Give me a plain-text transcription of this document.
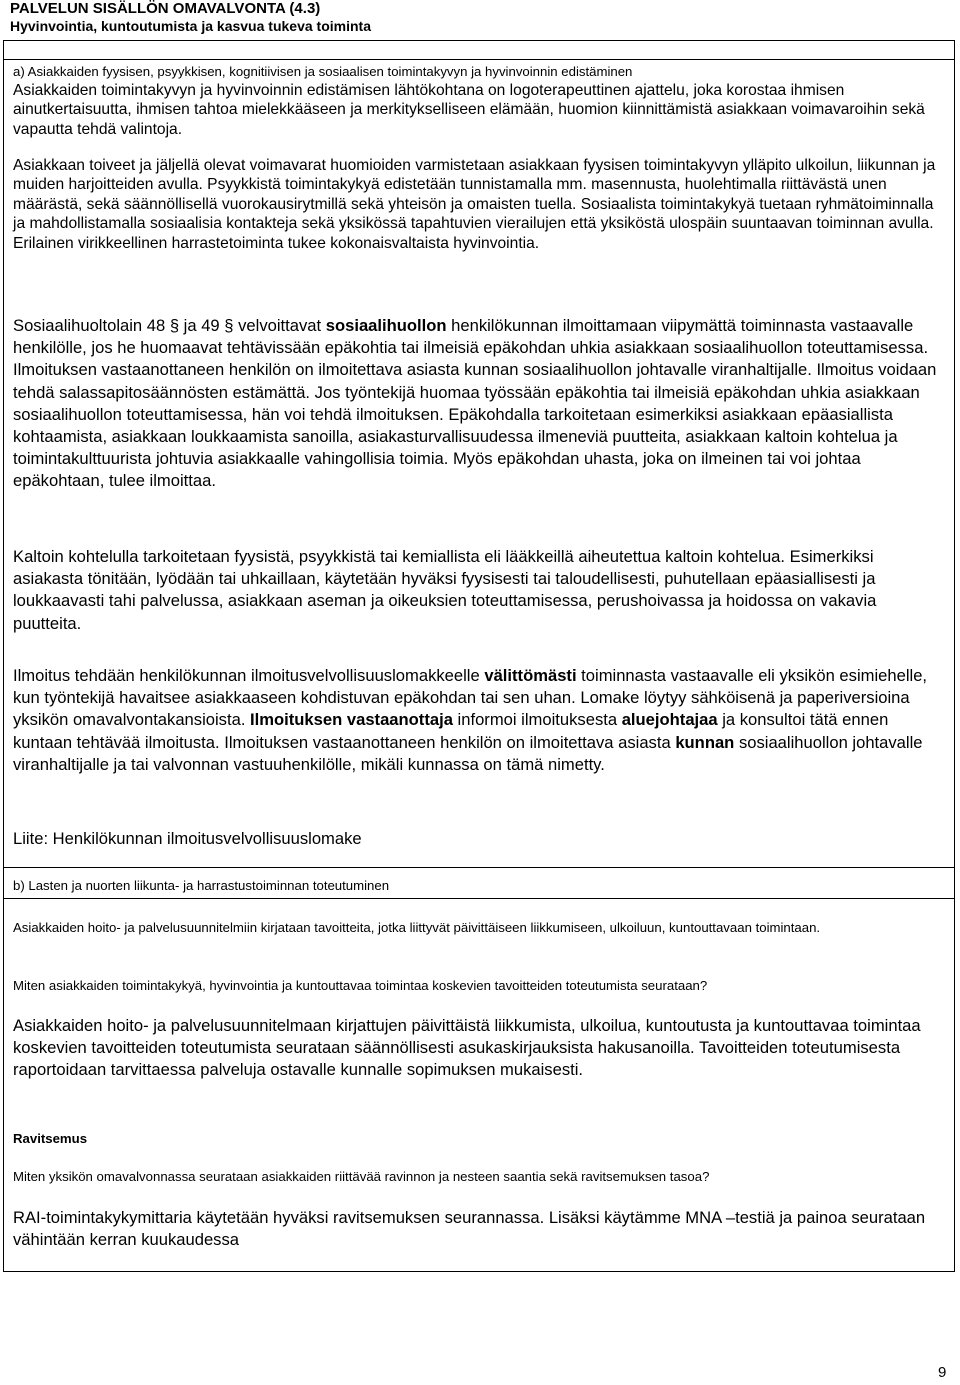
PALVELUN SISÄLLÖN OMAVALVONTA (4.3)
Hyvinvointia, kuntoutumista ja kasvua tukeva toiminta

a) Asiakkaiden fyysisen, psyykkisen, kognitiivisen ja sosiaalisen toimintakyvyn ja hyvinvoinnin edistäminen

Asiakkaiden toimintakyvyn ja hyvinvoinnin edistämisen lähtökohtana on logoterapeuttinen ajattelu, joka korostaa ihmisen ainutkertaisuutta, ihmisen tahtoa mielekkääseen ja merkitykselliseen elämään, huomion kiinnittämistä asiakkaan voimavaroihin sekä vapautta tehdä valintoja.

Asiakkaan toiveet ja jäljellä olevat voimavarat huomioiden varmistetaan asiakkaan fyysisen toimintakyvyn ylläpito ulkoilun, liikunnan ja muiden harjoitteiden avulla. Psyykkistä toimintakykyä edistetään tunnistamalla mm. masennusta, huolehtimalla riittävästä unen määrästä, sekä säännöllisellä vuorokausirytmillä sekä yhteisön ja omaisten tuella. Sosiaalista toimintakykyä tuetaan ryhmätoiminnalla ja mahdollistamalla sosiaalisia kontakteja sekä yksikössä tapahtuvien vierailujen että yksiköstä ulospäin suuntaavan toiminnan avulla. Erilainen virikkeellinen harrastetoiminta tukee kokonaisvaltaista hyvinvointia.

Sosiaalihuoltolain 48 § ja 49 § velvoittavat sosiaalihuollon henkilökunnan ilmoittamaan viipymättä toiminnasta vastaavalle henkilölle, jos he huomaavat tehtävissään epäkohtia tai ilmeisiä epäkohdan uhkia asiakkaan sosiaalihuollon toteuttamisessa. Ilmoituksen vastaanottaneen henkilön on ilmoitettava asiasta kunnan sosiaalihuollon johtavalle viranhaltijalle. Ilmoitus voidaan tehdä salassapitosäännösten estämättä. Jos työntekijä huomaa työssään epäkohtia tai ilmeisiä epäkohdan uhkia asiakkaan sosiaalihuollon toteuttamisessa, hän voi tehdä ilmoituksen. Epäkohdalla tarkoitetaan esimerkiksi asiakkaan epäasiallista kohtaamista, asiakkaan loukkaamista sanoilla, asiakasturvallisuudessa ilmeneviä puutteita, asiakkaan kaltoin kohtelua ja toimintakulttuurista johtuvia asiakkaalle vahingollisia toimia. Myös epäkohdan uhasta, joka on ilmeinen tai voi johtaa epäkohtaan, tulee ilmoittaa.

Kaltoin kohtelulla tarkoitetaan fyysistä, psyykkistä tai kemiallista eli lääkkeillä aiheutettua kaltoin kohtelua. Esimerkiksi asiakasta tönitään, lyödään tai uhkaillaan, käytetään hyväksi fyysisesti tai taloudellisesti, puhutellaan epäasiallisesti ja loukkaavasti tahi palvelussa, asiakkaan aseman ja oikeuksien toteuttamisessa, perushoivassa ja hoidossa on vakavia puutteita.

Ilmoitus tehdään henkilökunnan ilmoitusvelvollisuuslomakkeelle välittömästi toiminnasta vastaavalle eli yksikön esimiehelle, kun työntekijä havaitsee asiakkaaseen kohdistuvan epäkohdan tai sen uhan. Lomake löytyy sähköisenä ja paperiversioina yksikön omavalvontakansioista. Ilmoituksen vastaanottaja informoi ilmoituksesta aluejohtajaa ja konsultoi tätä ennen kuntaan tehtävää ilmoitusta. Ilmoituksen vastaanottaneen henkilön on ilmoitettava asiasta kunnan sosiaalihuollon johtavalle viranhaltijalle ja tai valvonnan vastuuhenkilölle, mikäli kunnassa on tämä nimetty.

Liite: Henkilökunnan ilmoitusvelvollisuuslomake

b) Lasten ja nuorten liikunta- ja harrastustoiminnan toteutuminen

Asiakkaiden hoito- ja palvelusuunnitelmiin kirjataan tavoitteita, jotka liittyvät päivittäiseen liikkumiseen, ulkoiluun, kuntouttavaan toimintaan.

Miten asiakkaiden toimintakykyä, hyvinvointia ja kuntouttavaa toimintaa koskevien tavoitteiden toteutumista seurataan?

Asiakkaiden hoito- ja palvelusuunnitelmaan kirjattujen päivittäistä liikkumista, ulkoilua, kuntoutusta ja kuntouttavaa toimintaa koskevien tavoitteiden toteutumista seurataan säännöllisesti asukaskirjauksista hakusanoilla. Tavoitteiden toteutumisesta raportoidaan tarvittaessa palveluja ostavalle kunnalle sopimuksen mukaisesti.

Ravitsemus

Miten yksikön omavalvonnassa seurataan asiakkaiden riittävää ravinnon ja nesteen saantia sekä ravitsemuksen tasoa?

RAI-toimintakykymittaria käytetään hyväksi ravitsemuksen seurannassa. Lisäksi käytämme MNA –testiä ja painoa seurataan vähintään kerran kuukaudessa

9
